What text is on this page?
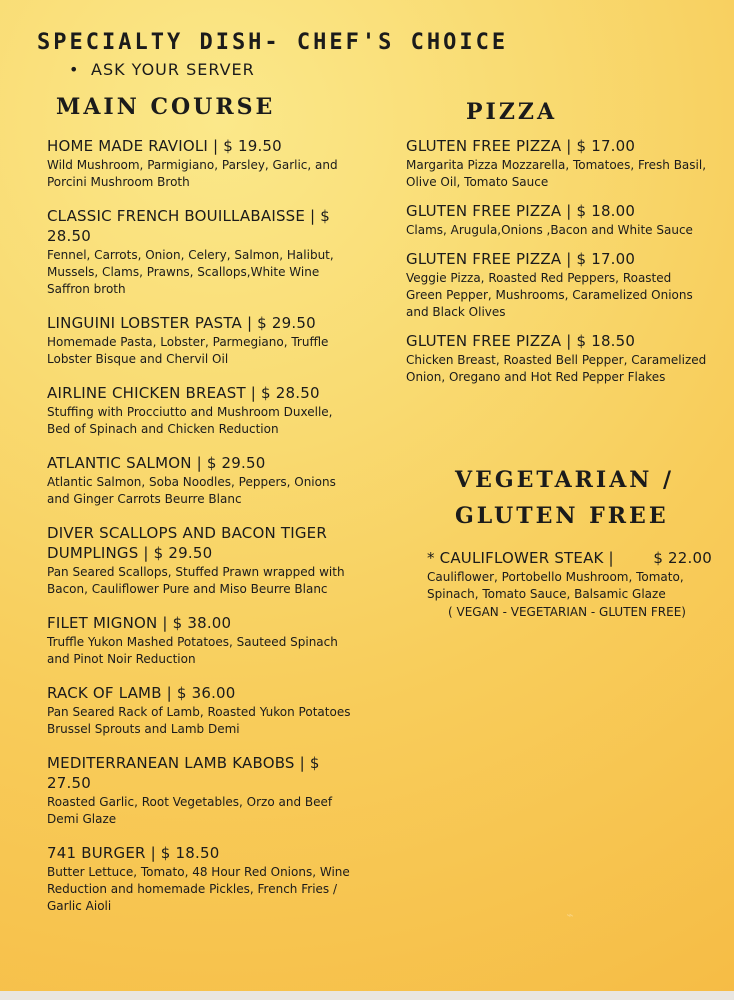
SPECIALTY DISH- CHEF'S CHOICE
• ASK YOUR SERVER
MAIN COURSE	PIZZA
VEGETARIAN /
GLUTEN FREE
HOME MADE RAVIOLI | $ 19.50
Wild Mushroom, Parmigiano, Parsley, Garlic, and Porcini Mushroom Broth
CLASSIC FRENCH BOUILLABAISSE | $ 28.50
Fennel, Carrots, Onion, Celery, Salmon, Halibut, Mussels, Clams, Prawns, Scallops,White Wine Saffron broth
LINGUINI LOBSTER PASTA | $ 29.50
Homemade Pasta, Lobster, Parmegiano, Truffle Lobster Bisque and Chervil Oil
AIRLINE CHICKEN BREAST | $ 28.50
Stuffing with Procciutto and Mushroom Duxelle, Bed of Spinach and Chicken Reduction
ATLANTIC SALMON | $ 29.50
Atlantic Salmon, Soba Noodles, Peppers, Onions and Ginger Carrots Beurre Blanc
DIVER SCALLOPS AND BACON TIGER DUMPLINGS | $ 29.50
Pan Seared Scallops, Stuffed Prawn wrapped with Bacon, Cauliflower Pure and Miso Beurre Blanc
FILET MIGNON | $ 38.00
Truffle Yukon Mashed Potatoes, Sauteed Spinach and Pinot Noir Reduction
RACK OF LAMB | $ 36.00
Pan Seared Rack of Lamb, Roasted Yukon Potatoes Brussel Sprouts and Lamb Demi
MEDITERRANEAN LAMB KABOBS | $ 27.50
Roasted Garlic, Root Vegetables, Orzo and Beef Demi Glaze
741 BURGER | $ 18.50
Butter Lettuce, Tomato, 48 Hour Red Onions, Wine Reduction and homemade Pickles, French Fries / Garlic Aioli
GLUTEN FREE PIZZA | $ 17.00
Margarita Pizza Mozzarella, Tomatoes, Fresh Basil, Olive Oil, Tomato Sauce
GLUTEN FREE PIZZA | $ 18.00
Clams, Arugula,Onions ,Bacon and White Sauce
GLUTEN FREE PIZZA | $ 17.00
Veggie Pizza, Roasted Red Peppers, Roasted Green Pepper, Mushrooms, Caramelized Onions and Black Olives
GLUTEN FREE PIZZA | $ 18.50
Chicken Breast, Roasted Bell Pepper, Caramelized Onion, Oregano and Hot Red Pepper Flakes
* CAULIFLOWER STEAK |	$ 22.00
Cauliflower, Portobello Mushroom, Tomato, Spinach, Tomato Sauce, Balsamic Glaze
( VEGAN - VEGETARIAN - GLUTEN FREE)
⌁
